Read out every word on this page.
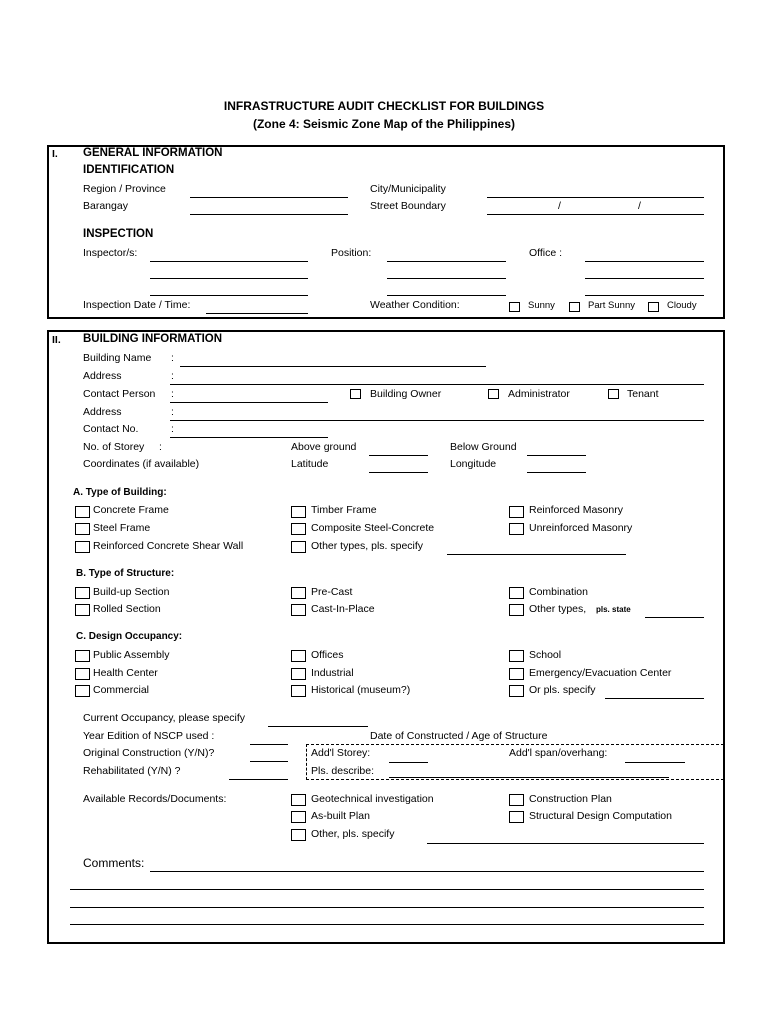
INFRASTRUCTURE AUDIT CHECKLIST FOR BUILDINGS
(Zone 4: Seismic Zone Map of the Philippines)
I. GENERAL INFORMATION
IDENTIFICATION
Region / Province	City/Municipality
Barangay	Street Boundary	/	/
INSPECTION
Inspector/s:	Position:	Office :
Inspection Date / Time:	Weather Condition:	Sunny	Part Sunny	Cloudy
II. BUILDING INFORMATION
Building Name :
Address	:
Contact Person :	Building Owner	Administrator	Tenant
Address	:
Contact No.	:
No. of Storey :	Above ground	Below Ground
Coordinates (if available)	Latitude	Longitude
A. Type of Building:
Concrete Frame	Timber Frame	Reinforced Masonry
Steel Frame	Composite Steel-Concrete	Unreinforced Masonry
Reinforced Concrete Shear Wall	Other types, pls. specify
B. Type of Structure:
Build-up Section	Pre-Cast	Combination
Rolled Section	Cast-In-Place	Other types, pls. state
C. Design Occupancy:
Public Assembly	Offices	School
Health Center	Industrial	Emergency/Evacuation Center
Commercial	Historical (museum?)	Or pls. specify
Current Occupancy, please specify
Year Edition of NSCP used :	Date of Constructed / Age of Structure
Original Construction (Y/N)?	Add'l Storey:	Add'l span/overhang:
Rehabilitated (Y/N) ?	Pls. describe:
Available Records/Documents:	Geotechnical investigation	Construction Plan
As-built Plan	Structural Design Computation
Other, pls. specify
Comments:
